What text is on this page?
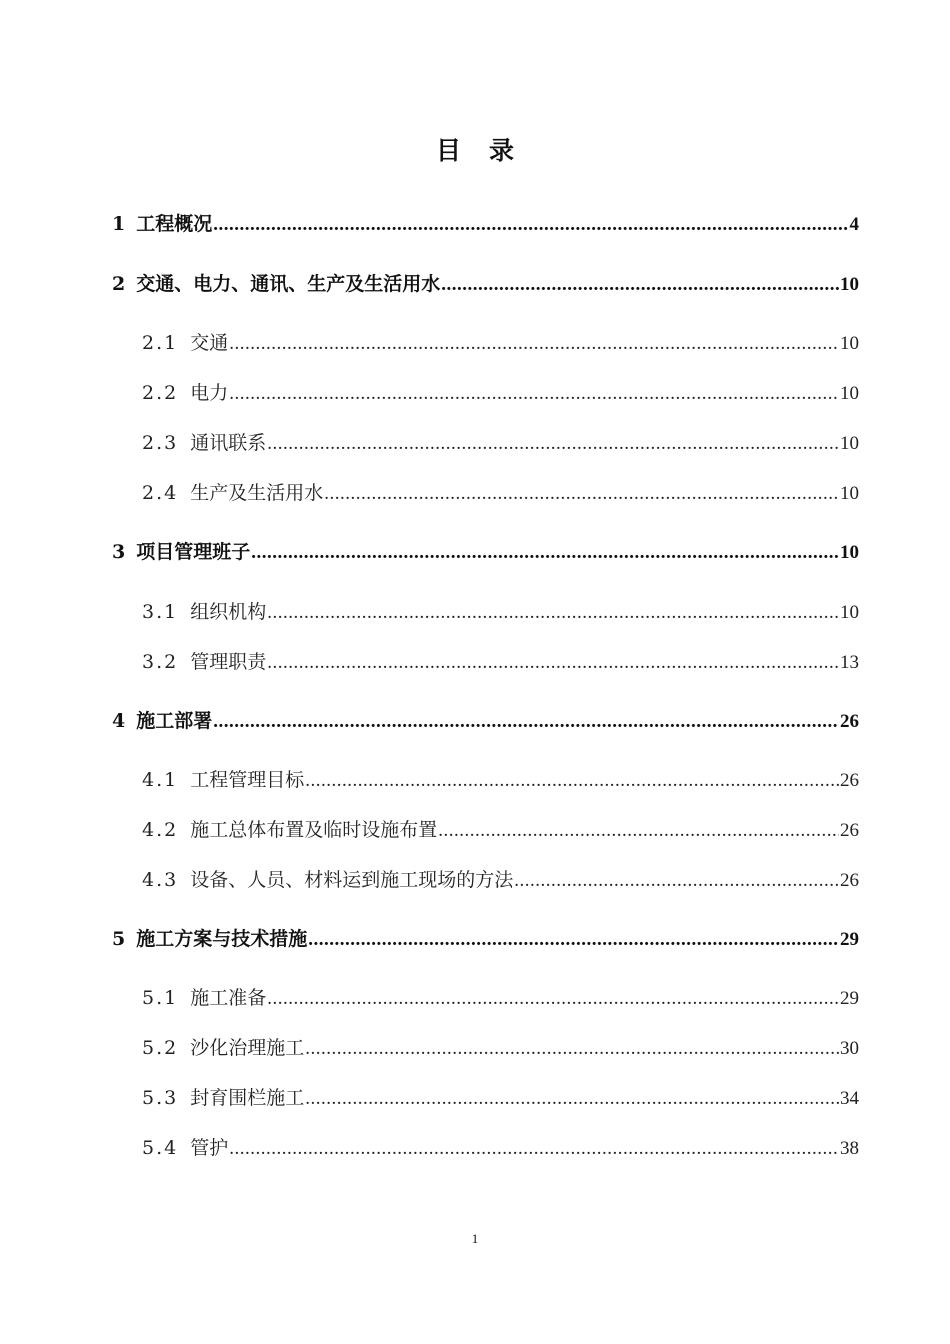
目录
1 工程概况 .....	4
2 交通、电力、通讯、生产及生活用水 .....	10
2.1 交通 .....	10
2.2 电力 .....	10
2.3 通讯联系 .....	10
2.4 生产及生活用水 .....	10
3 项目管理班子 .....	10
3.1 组织机构 .....	10
3.2 管理职责 .....	13
4 施工部署 .....	26
4.1 工程管理目标 .....	26
4.2 施工总体布置及临时设施布置 .....	26
4.3 设备、人员、材料运到施工现场的方法 .....	26
5 施工方案与技术措施 .....	29
5.1 施工准备 .....	29
5.2 沙化治理施工 .....	30
5.3 封育围栏施工 .....	34
5.4 管护 .....	38
1
